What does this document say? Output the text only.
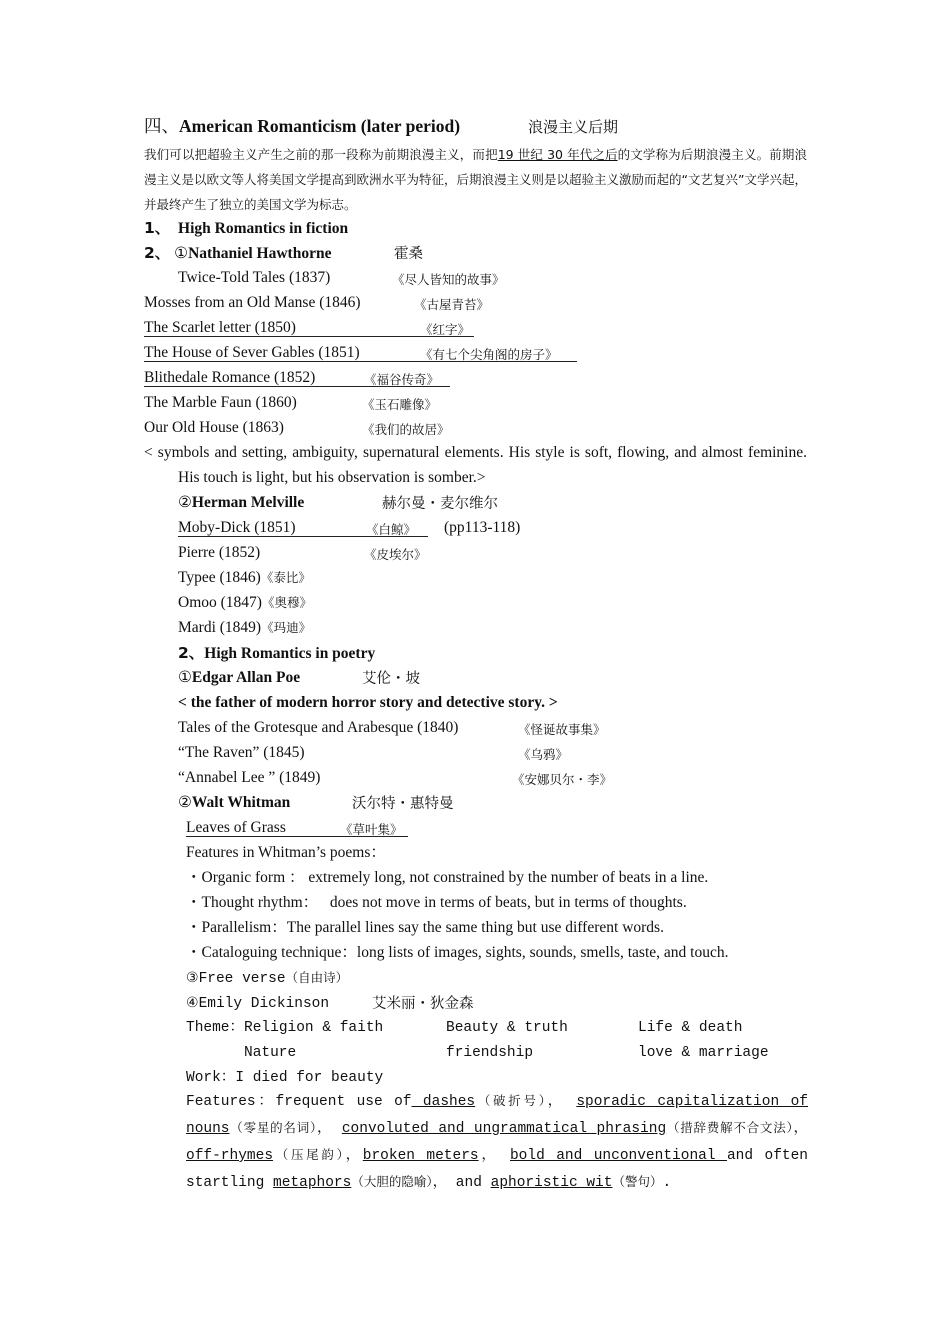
四、American Romanticism (later period)	浪漫主义后期
我们可以把超验主义产生之前的那一段称为前期浪漫主义，而把19 世纪 30 年代之后的文学称为后期浪漫主义。前期浪漫主义是以欧文等人将美国文学提高到欧洲水平为特征，后期浪漫主义则是以超验主义激励而起的“文艺复兴”文学兴起，并最终产生了独立的美国文学为标志。
1、 High Romantics in fiction
2、 ①Nathaniel Hawthorne	霍桑
Twice-Told Tales (1837)	《尽人皆知的故事》
Mosses from an Old Manse (1846)	《古屋青苔》
The Scarlet letter (1850)	《红字》
The House of Sever Gables (1851)	《有七个尖角阁的房子》
Blithedale Romance (1852)	《福谷传奇》
The Marble Faun (1860)	《玉石雕像》
Our Old House (1863)	《我们的故居》
< symbols and setting, ambiguity, supernatural elements. His style is soft, flowing, and almost feminine. His touch is light, but his observation is somber.>
②Herman Melville	赫尔曼・麦尔维尔
Moby-Dick (1851)	《白鲸》 (pp113-118)
Pierre (1852)	《皮埃尔》
Typee (1846)《泰比》
Omoo (1847)《奥穆》
Mardi (1849)《玛迪》
2、High Romantics in poetry
①Edgar Allan Poe	艾伦・坡
< the father of modern horror story and detective story. >
Tales of the Grotesque and Arabesque (1840)	《怪诞故事集》
“The Raven” (1845)	《乌鸦》
“Annabel Lee ” (1849)	《安娜贝尔・李》
②Walt Whitman	沃尔特・惠特曼
Leaves of Grass	《草叶集》
Features in Whitman’s poems：
・Organic form ： extremely long, not constrained by the number of beats in a line.
・Thought rhythm： does not move in terms of beats, but in terms of thoughts.
・Parallelism：The parallel lines say the same thing but use different words.
・Cataloguing technique：long lists of images, sights, sounds, smells, taste, and touch.
③Free verse（自由诗）
④Emily Dickinson	艾米丽・狄金森
Theme：Religion & faith	Beauty & truth	Life & death
Nature	friendship	love & marriage
Work：I died for beauty
Features：frequent use of dashes（破折号）， sporadic capitalization of nouns（零星的名词）， convoluted and ungrammatical phrasing（措辞费解不合文法）， off-rhymes（压尾韵），broken meters， bold and unconventional and often startling metaphors（大胆的隐喻）， and aphoristic wit（警句）.
